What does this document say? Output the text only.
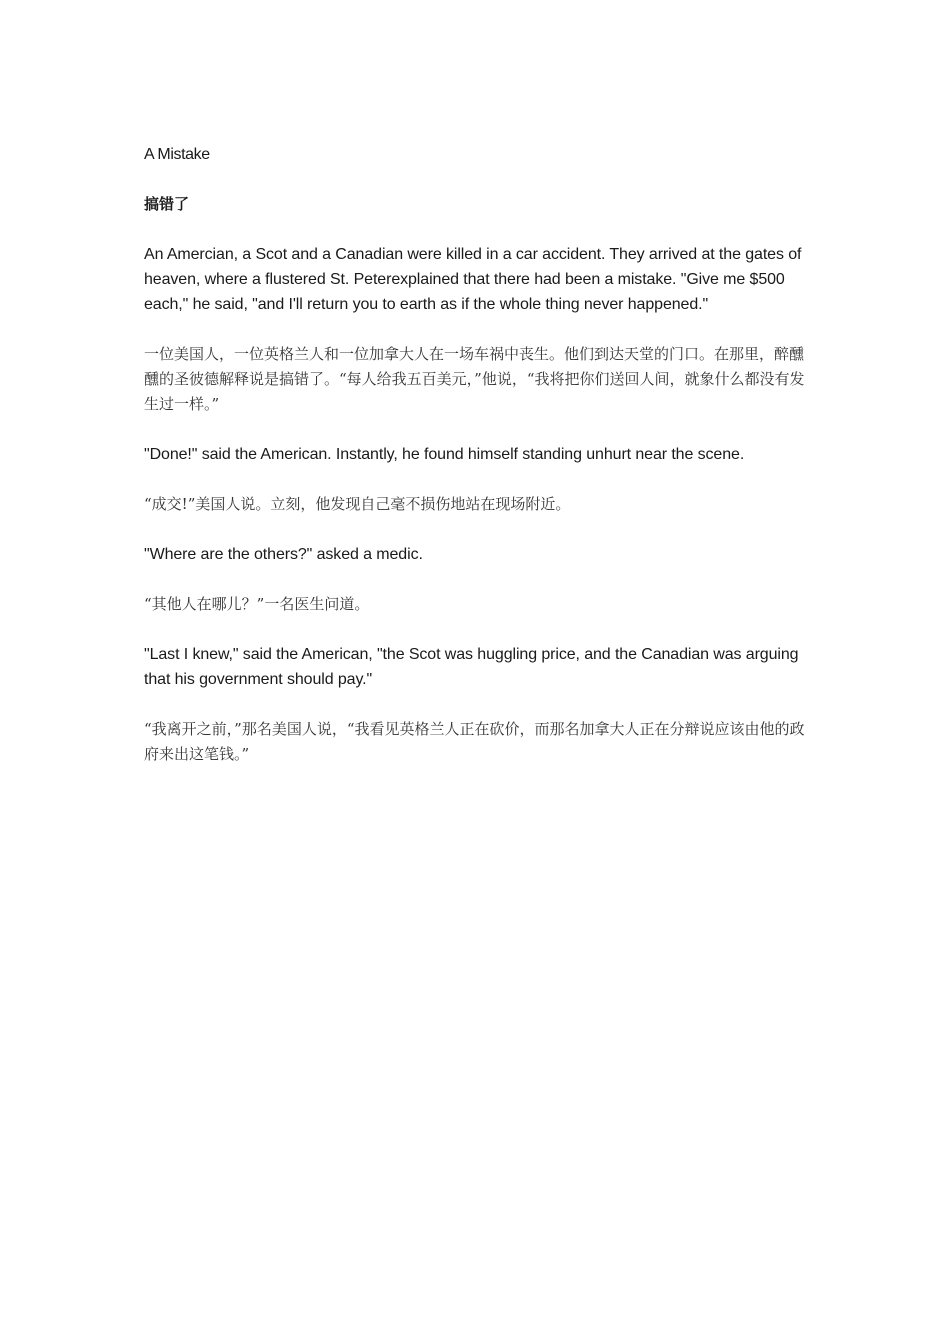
A Mistake
搞错了

An Amercian, a Scot and a Canadian were killed in a car accident. They arrived at the gates of heaven, where a flustered St. Peterexplained that there had been a mistake. "Give me $500 each," he said, "and I'll return you to earth as if the whole thing never happened."

一位美国人，一位英格兰人和一位加拿大人在一场车祸中丧生。他们到达天堂的门口。在那里，醉醺醺的圣彼德解释说是搞错了。“每人给我五百美元，”他说，“我将把你们送回人间，就象什么都没有发生过一样。”

"Done!" said the American. Instantly, he found himself standing unhurt near the scene.

“成交!”美国人说。立刻，他发现自己毫不损伤地站在现场附近。

"Where are the others?" asked a medic.

“其他人在哪儿？”一名医生问道。

"Last I knew," said the American, "the Scot was huggling price, and the Canadian was arguing that his government should pay."

“我离开之前，”那名美国人说，“我看见英格兰人正在砍价，而那名加拿大人正在分辩说应该由他的政府来出这笔钱。”
